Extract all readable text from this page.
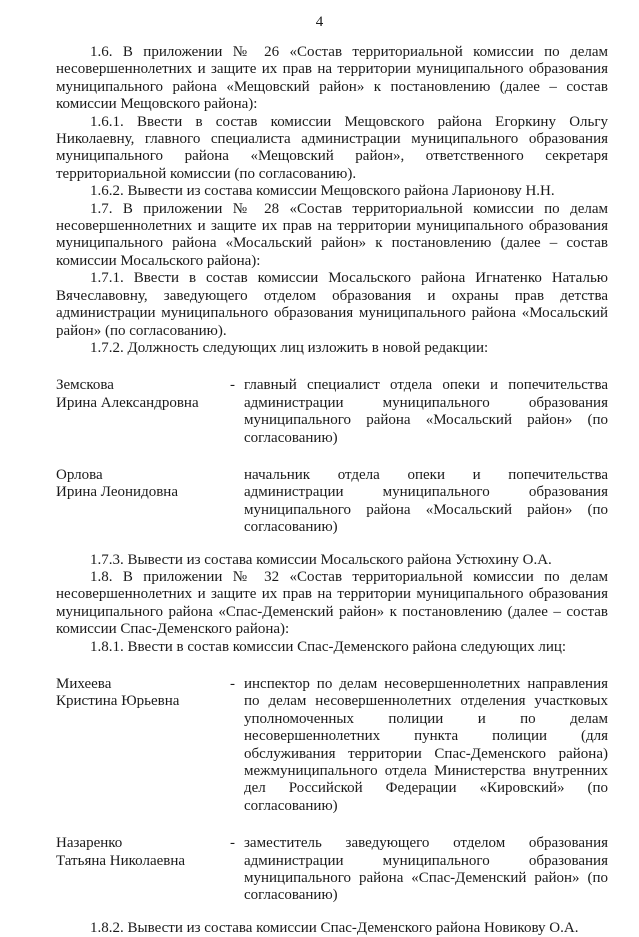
4

1.6. В приложении № 26 «Состав территориальной комиссии по делам несовершеннолетних и защите их прав на территории муниципального образования муниципального района «Мещовский район» к постановлению (далее – состав комиссии Мещовского района):

1.6.1. Ввести в состав комиссии Мещовского района Егоркину Ольгу Николаевну, главного специалиста администрации муниципального образования муниципального района «Мещовский район», ответственного секретаря территориальной комиссии (по согласованию).

1.6.2. Вывести из состава комиссии Мещовского района Ларионову Н.Н.

1.7. В приложении № 28 «Состав территориальной комиссии по делам несовершеннолетних и защите их прав на территории муниципального образования муниципального района «Мосальский район» к постановлению (далее – состав комиссии Мосальского района):

1.7.1. Ввести в состав комиссии Мосальского района Игнатенко Наталью Вячеславовну, заведующего отделом образования и охраны прав детства администрации муниципального образования муниципального района «Мосальский район» (по согласованию).

1.7.2. Должность следующих лиц изложить в новой редакции:

Земскова
Ирина Александровна
- главный специалист отдела опеки и попечительства администрации муниципального образования муниципального района «Мосальский район» (по согласованию)
Орлова
Ирина Леонидовна
начальник отдела опеки и попечительства администрации муниципального образования муниципального района «Мосальский район» (по согласованию)

1.7.3. Вывести из состава комиссии Мосальского района Устюхину О.А.

1.8. В приложении № 32 «Состав территориальной комиссии по делам несовершеннолетних и защите их прав на территории муниципального образования муниципального района «Спас-Деменский район» к постановлению (далее – состав комиссии Спас-Деменского района):

1.8.1. Ввести в состав комиссии Спас-Деменского района следующих лиц:

Михеева
Кристина Юрьевна
- инспектор по делам несовершеннолетних направления по делам несовершеннолетних отделения участковых уполномоченных полиции и по делам несовершеннолетних пункта полиции (для обслуживания территории Спас-Деменского района) межмуниципального отдела Министерства внутренних дел Российской Федерации «Кировский» (по согласованию)
Назаренко
Татьяна Николаевна
- заместитель заведующего отделом образования администрации муниципального образования муниципального района «Спас-Деменский район» (по согласованию)

1.8.2. Вывести из состава комиссии Спас-Деменского района Новикову О.А.
